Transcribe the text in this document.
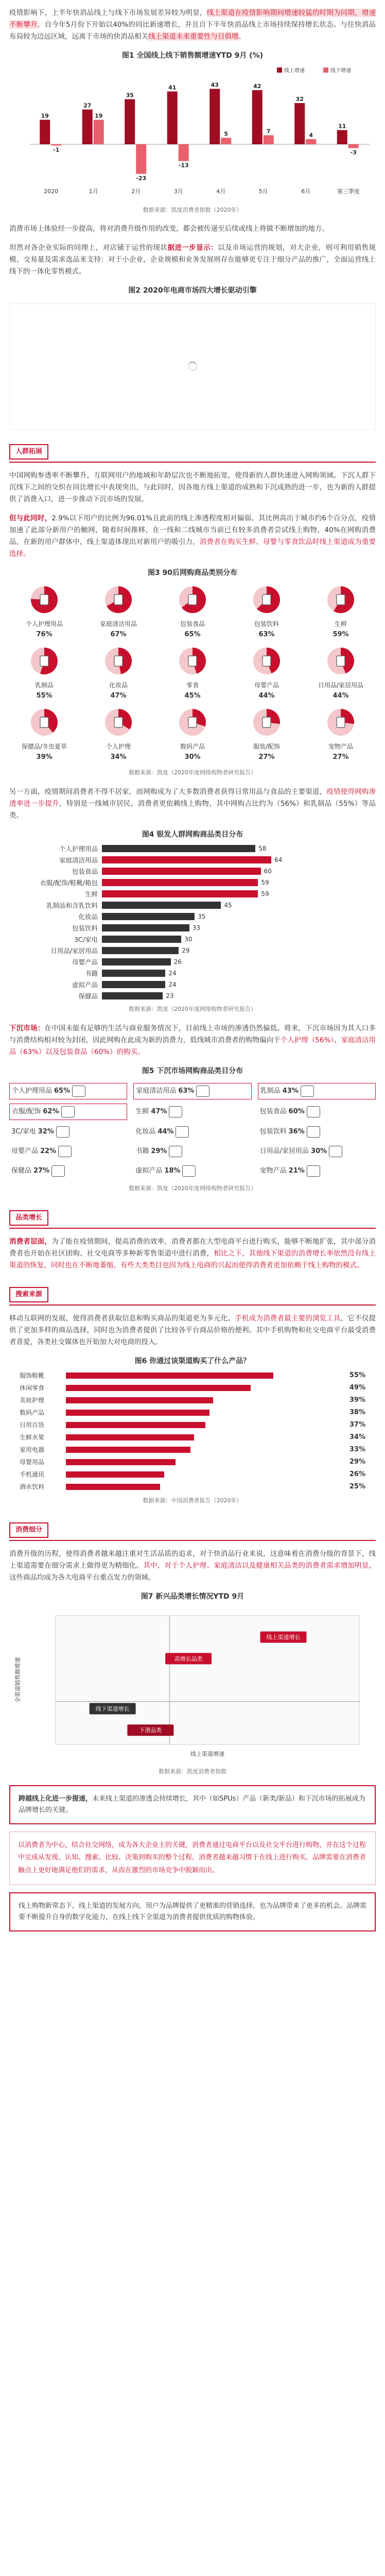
疫情影响下，上半年快消品线上与线下市场发展差异较为明显，线上渠道在疫情影响期间增速较猛的时期为同期，增速不断攀升，自今年5月份下开始以40%的同比新速增长，并且自下半年快消品线上市场持续保持增长状态。与往快消品布局较为边远区域，远离于市场的快消品相关线上渠道未来重要性与日俱增。

图1 全国线上线下销售额增速YTD 9月 (%)
线上增速	线下增速
19
-1
2020
27
19
1月
35
-23
2月
41
-13
3月
43
5
4月
42
7
5月
32
4
6月
11
-3
第三季度
数据来源：凯度消费者指数（2020年）

消费市场上体验经一步提高，将对消费升级作用的改变，都会被传递至后续或线上将做不断增加的地方。

坦然对各企业实际的同理上，对店铺于运营的现状据进一步显示：以及市场运营的规划，对大企业，则可利用销售规模、交易量及需求选品来支持：对于小企业，企业规模和业务发展则存在能够更专注于细分产品的推广，全面运营线上线下的一体化零售模式。

图2 2020年电商市场四大增长驱动引擎
人群拓展

中国网购参透率不断攀升，互联网用户的地域和年龄层次也不断地拓宽，使得新的人群快速进入网购领域。下沉人群下沉线下之间的交织在同比增长中表现突出，与此同时，因各地方线上渠道的成熟和下沉成熟的进一步，也为新的人群提供了消费入口，进一步推动下沉市场的发展。

但与此同时，2.9%以下用户的比例为96.01%且此前的线上渗透程度相对偏弱。其比例高出于城市约6个百分点，疫情加速了此部分新用户的触网，随着时间推移，在一线和二线城市当前已有较多消费者尝试线上购物，40%在网购消费品，在新的用户群体中，线上渠道体现出对新用户的吸引力，消费者在购买生鲜、母婴与零食饮品时线上渠道成为重要选择。

图3 90后网购商品类别分布
个人护理用品
76%
家庭清洁用品
67%
包装食品
65%
包装饮料
63%
生鲜
59%
乳制品
55%
化妆品
47%
零食
45%
母婴产品
44%
日用品/家居用品
44%
保健品/冬虫夏草
39%
个人护理
34%
数码产品
30%
服装/配饰
27%
宠物产品
27%
数据来源：凯度（2020年度网络购物者研究报告）

另一方面，疫情期间消费者不得不居家，而网购成为了大多数消费者获得日常用品与食品的主要渠道，疫情使得网购渗透率进一步提升，特别是一线城市居民，消费者更依赖线上购物，其中网购占比约为（56%）和乳制品（55%）等品类。

图4 银发人群网购商品类目分布
个人护理用品	58
家庭清洁用品	64
包装食品	60
衣服/配饰/鞋靴/箱包	59
生鲜	59
乳制品和含乳饮料	45
化妆品	35
包装饮料	33
3C/家电	30
日用品/家居用品	29
母婴产品	26
书籍	24
虚拟产品	24
保健品	23
数据来源：凯度（2020年度网络购物者研究报告）

下沉市场：在中国未能有足够的生活与商业服务情况下，目前线上市场的渗透仍然偏低。将来，下沉市场因为其人口多与消费结构相对较为封闭，因此网购在此成为新的消费力，低线城市消费者的购物偏向于个人护理（56%）、家庭清洁用品（63%）以及包装食品（60%）的购买。

图5 下沉市场网购商品类目分布
个人护理用品 65%	家庭清洁用品 63%	乳制品 43%
衣服/配饰 62%	生鲜 47%	包装食品 60%
3C/家电 32%	化妆品 44%	包装饮料 36%
母婴产品 22%	书籍 29%	日用品/家居用品 30%
保健品 27%	虚拟产品 18%	宠物产品 21%
数据来源：凯度（2020年度网络购物者研究报告）
品类增长

消费者层面，为了能在疫情期间，提高消费的效率，消费者都在大型电商平台进行购买，能够不断地扩张，其中部分消费者也开始在社区团购、社交电商等多种新零售渠道中进行消费，相比之下，其他线下渠道的消费增长率依然没有线上渠道的恢复，同时也在不断地萎缩，有些大类类目也因为线上电商的兴起而使得消费者更加依赖于线上购物的模式。

搜索来源

移动互联网的发展，使得消费者获取信息和购买商品的渠道更为多元化。手机成为消费者最主要的浏览工具，它不仅提供了更加多样的商品选择，同时也为消费者提供了比较各平台商品价格的便利。其中手机购物和社交电商平台最受消费者喜爱，各类社交媒体也开始加大对电商的投入。

图6 你通过该渠道购买了什么产品？
服饰鞋靴	55%
休闲零食	49%
美妆护理	39%
数码产品	38%
日用百货	37%
生鲜水果	34%
家用电器	33%
母婴用品	29%
手机通讯	26%
酒水饮料	25%
数据来源：中国消费者报告（2020年）
消费细分

消费升级的历程，使得消费者越来越注重对生活品质的追求，对于快消品行业来说，这意味着在消费分级的背景下，线上渠道需要在细分需求上做得更为精细化。其中，对于个人护理、家庭清洁以及健康相关品类的消费者需求增加明显，这些商品均成为各大电商平台重点发力的领域。

图7 新兴品类增长情况YTD 9月
线上渠道增速
全渠道销售额增速
线上渠道增长
高增长品类
线下渠道增长
下滑品类
数据来源：凯度消费者指数
跨越线上化进一步提速，未来线上渠道的渗透会持续增长，其中（如SPUs）产品（新类/新品）和下沉市场的拓展成为品牌增长的关键。
以消费者为中心，结合社交网络，成为各大企业主的关键，消费者通过电商平台以及社交平台进行购物，并在这个过程中完成从发现、认知、搜索、比较、决策到购买的整个过程。消费者越来越习惯于在线上进行购买，品牌需要在消费者触点上更好地满足他们的需求，从而在激烈的市场竞争中脱颖而出。
线上购物新常态下，线上渠道的发展方向，用户为品牌提供了更精准的营销选择，也为品牌带来了更多的机会。品牌需要不断提升自身的数字化能力，在线上线下全渠道为消费者提供优质的购物体验。
